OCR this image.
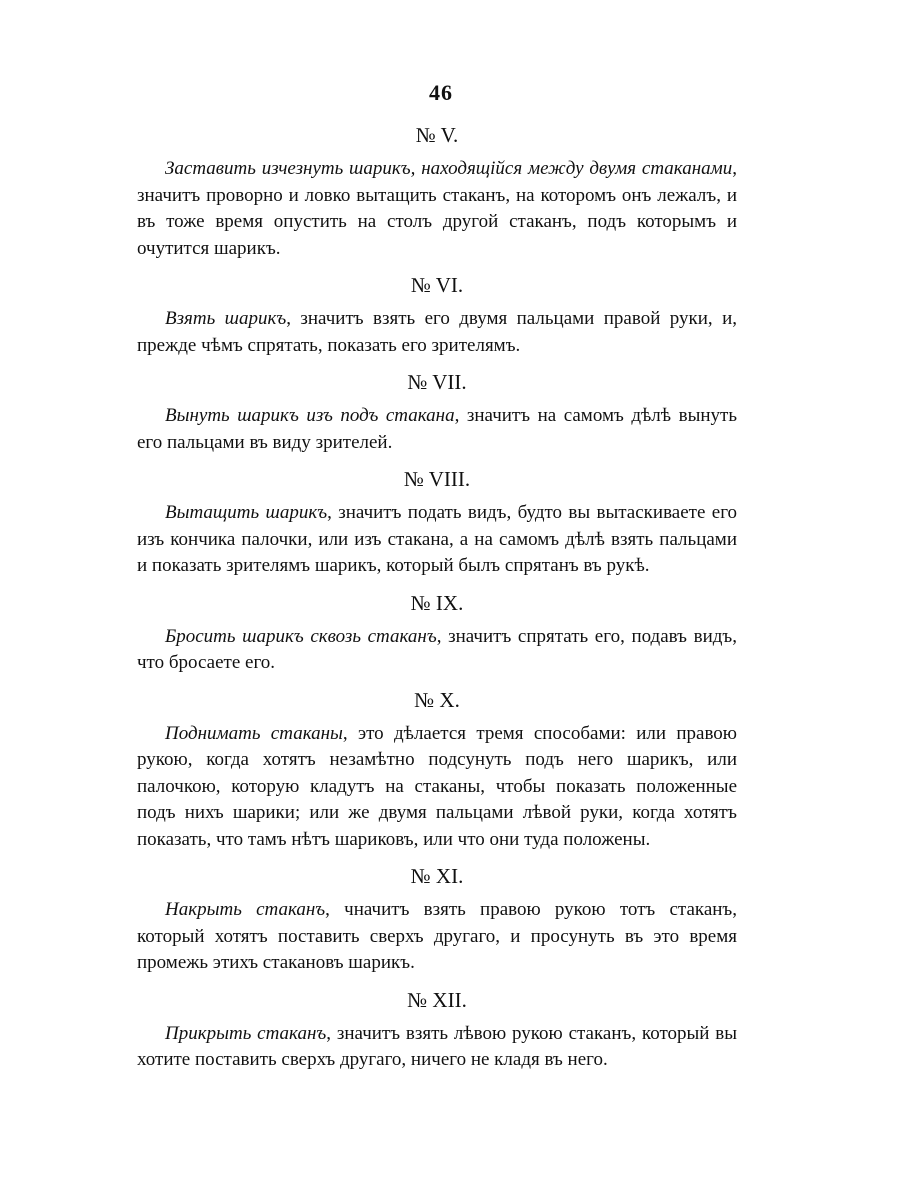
46
№ V.

Заставить изчезнуть шарикъ, находящійся между двумя стаканами, значитъ проворно и ловко вытащить стаканъ, на которомъ онъ лежалъ, и въ тоже время опустить на столъ другой стаканъ, подъ которымъ и очутится шарикъ.

№ VI.

Взять шарикъ, значитъ взять его двумя пальцами правой руки, и, прежде чѣмъ спрятать, показать его зрителямъ.

№ VII.

Вынуть шарикъ изъ подъ стакана, значитъ на самомъ дѣлѣ вынуть его пальцами въ виду зрителей.

№ VIII.

Вытащить шарикъ, значитъ подать видъ, будто вы вытаскиваете его изъ кончика палочки, или изъ стакана, а на самомъ дѣлѣ взять пальцами и показать зрителямъ шарикъ, который былъ спрятанъ въ рукѣ.

№ IX.

Бросить шарикъ сквозь стаканъ, значитъ спрятать его, подавъ видъ, что бросаете его.

№ X.

Поднимать стаканы, это дѣлается тремя способами: или правою рукою, когда хотятъ незамѣтно подсунуть подъ него шарикъ, или палочкою, которую кладутъ на стаканы, чтобы показать положенные подъ нихъ шарики; или же двумя пальцами лѣвой руки, когда хотятъ показать, что тамъ нѣтъ шариковъ, или что они туда положены.

№ XI.

Накрыть стаканъ, чначитъ взять правою рукою тотъ стаканъ, который хотятъ поставить сверхъ другаго, и просунуть въ это время промежь этихъ стакановъ шарикъ.

№ XII.

Прикрыть стаканъ, значитъ взять лѣвою рукою стаканъ, который вы хотите поставить сверхъ другаго, ничего не кладя въ него.
